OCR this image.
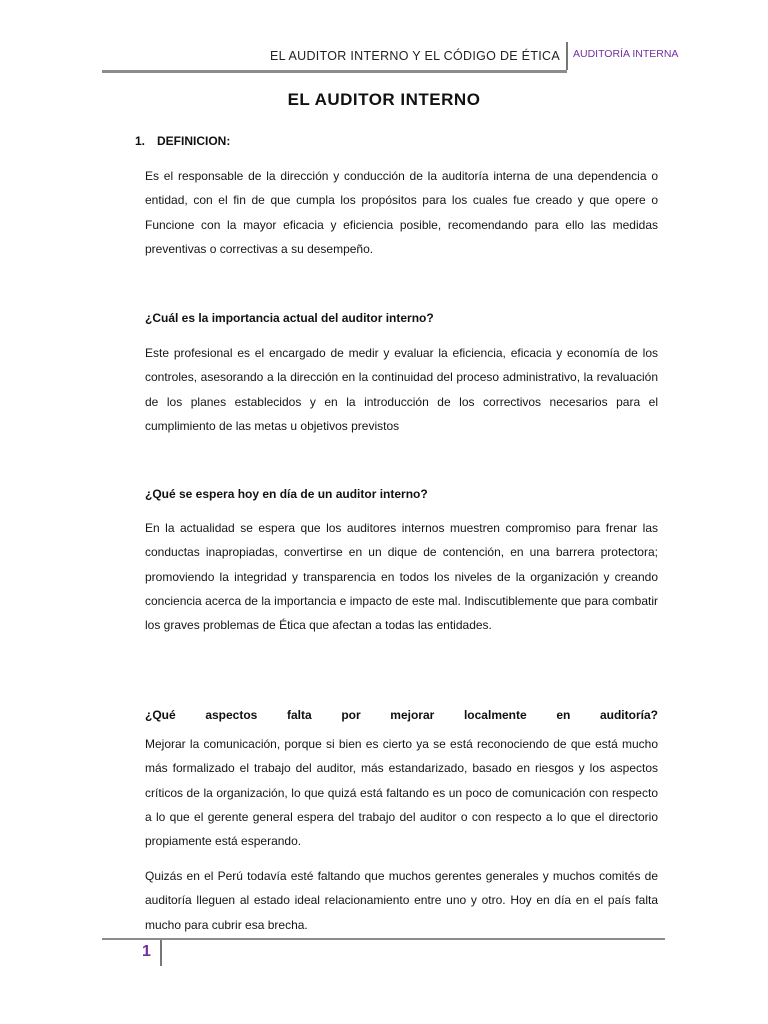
EL AUDITOR INTERNO Y EL CÓDIGO DE ÉTICA AUDITORÍA INTERNA
EL AUDITOR INTERNO
1. DEFINICION:

Es el responsable de la dirección y conducción de la auditoría interna de una dependencia o entidad, con el fin de que cumpla los propósitos para los cuales fue creado y que opere o Funcione con la mayor eficacia y eficiencia posible, recomendando para ello las medidas preventivas o correctivas a su desempeño.

¿Cuál es la importancia actual del auditor interno?

Este profesional es el encargado de medir y evaluar la eficiencia, eficacia y economía de los controles, asesorando a la dirección en la continuidad del proceso administrativo, la revaluación de los planes establecidos y en la introducción de los correctivos necesarios para el cumplimiento de las metas u objetivos previstos

¿Qué se espera hoy en día de un auditor interno?

En la actualidad se espera que los auditores internos muestren compromiso para frenar las conductas inapropiadas, convertirse en un dique de contención, en una barrera protectora; promoviendo la integridad y transparencia en todos los niveles de la organización y creando conciencia acerca de la importancia e impacto de este mal. Indiscutiblemente que para combatir los graves problemas de Ética que afectan a todas las entidades.

¿Qué aspectos falta por mejorar localmente en auditoría?

Mejorar la comunicación, porque si bien es cierto ya se está reconociendo de que está mucho más formalizado el trabajo del auditor, más estandarizado, basado en riesgos y los aspectos críticos de la organización, lo que quizá está faltando es un poco de comunicación con respecto a lo que el gerente general espera del trabajo del auditor o con respecto a lo que el directorio propiamente está esperando.

Quizás en el Perú todavía esté faltando que muchos gerentes generales y muchos comités de auditoría lleguen al estado ideal relacionamiento entre uno y otro. Hoy en día en el país falta mucho para cubrir esa brecha.

1
